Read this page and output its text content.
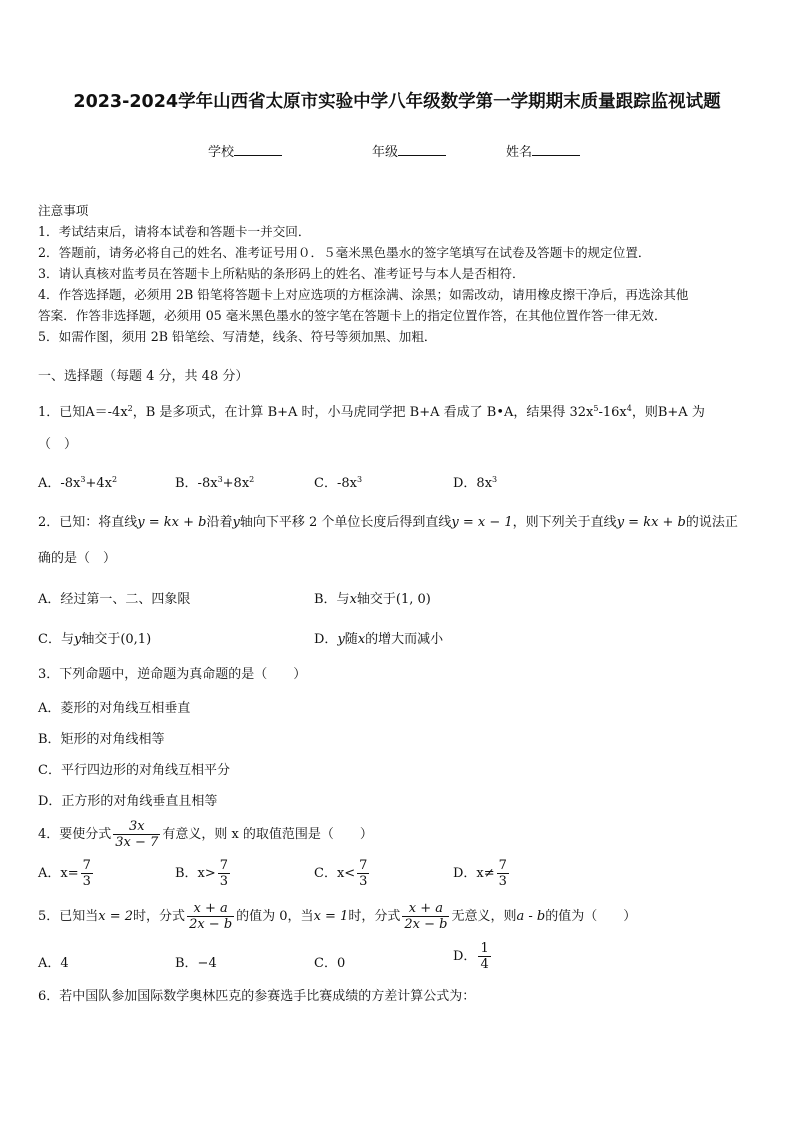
2023-2024学年山西省太原市实验中学八年级数学第一学期期末质量跟踪监视试题
学校	年级	姓名
注意事项
1．考试结束后，请将本试卷和答题卡一并交回．
2．答题前，请务必将自己的姓名、准考证号用０．５毫米黑色墨水的签字笔填写在试卷及答题卡的规定位置．
3．请认真核对监考员在答题卡上所粘贴的条形码上的姓名、准考证号与本人是否相符．
4．作答选择题，必须用 2B 铅笔将答题卡上对应选项的方框涂满、涂黑；如需改动，请用橡皮擦干净后，再选涂其他
答案．作答非选择题，必须用 05 毫米黑色墨水的签字笔在答题卡上的指定位置作答，在其他位置作答一律无效．
5．如需作图，须用 2B 铅笔绘、写清楚，线条、符号等须加黑、加粗．
一、选择题（每题 4 分，共 48 分）
1．已知$A=-4x^2$，B 是多项式，在计算 B+A 时，小马虎同学把 B+A 看成了 B•A，结果得 $32x^5-16x^4$，则B+A 为
（　）
A．$-8x^3+4x^2$	B．$-8x^3+8x^2$	C．$-8x^3$	D．$8x^3$
2．已知：将直线y = kx + b沿着y轴向下平移 2 个单位长度后得到直线y = x − 1，则下列关于直线y = kx + b的说法正
确的是（　）
A．经过第一、二、四象限	B．与x轴交于(1, 0)
C．与y轴交于(0,1)	D．y随x的增大而减小
3．下列命题中，逆命题为真命题的是（　　）
A．菱形的对角线互相垂直
B．矩形的对角线相等
C．平行四边形的对角线互相平分
D．正方形的对角线垂直且相等
4．要使分式 $\frac{3x}{3x - 7}$ 有意义，则 x 的取值范围是（　　）
A．$x= \frac{7}{3}$	B．$x> \frac{7}{3}$	C．$x< \frac{7}{3}$	D．$x\ne \frac{7}{3}$
5．已知当x = 2时，分式 $\frac{x + a}{2x - b}$ 的值为 0，当x = 1时，分式 $\frac{x + a}{2x - b}$ 无意义，则a - b的值为（　　）
A．4	B．−4	C．0	D． $\frac{1}{4}$
6．若中国队参加国际数学奥林匹克的参赛选手比赛成绩的方差计算公式为：
